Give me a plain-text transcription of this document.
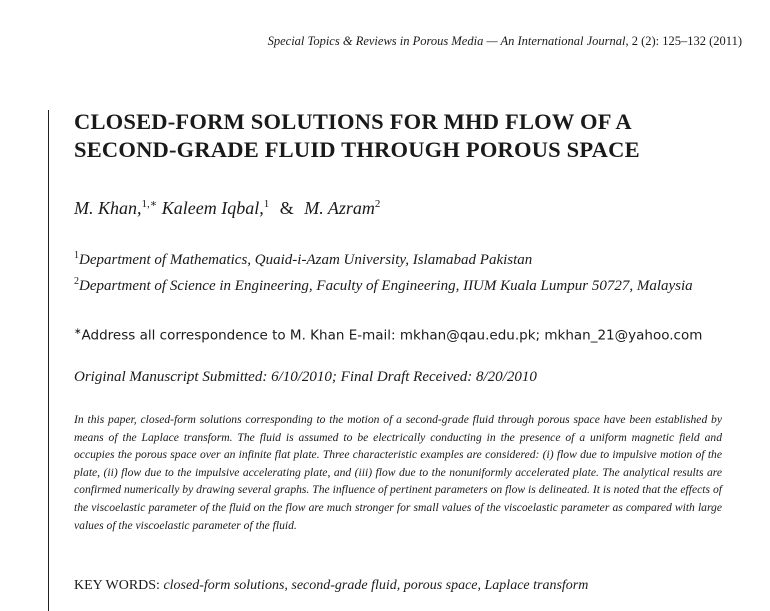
Special Topics & Reviews in Porous Media — An International Journal, 2 (2): 125–132 (2011)
CLOSED-FORM SOLUTIONS FOR MHD FLOW OF A
SECOND-GRADE FLUID THROUGH POROUS SPACE
M. Khan,$^{1,∗}$ Kaleem Iqbal,$^1$ & M. Azram$^2$
$^1$Department of Mathematics, Quaid-i-Azam University, Islamabad Pakistan
$^2$Department of Science in Engineering, Faculty of Engineering, IIUM Kuala Lumpur 50727, Malaysia
∗Address all correspondence to M. Khan E-mail: mkhan@qau.edu.pk; mkhan_21@yahoo.com
Original Manuscript Submitted: 6/10/2010; Final Draft Received: 8/20/2010
In this paper, closed-form solutions corresponding to the motion of a second-grade fluid through porous space have been established by means of the Laplace transform. The fluid is assumed to be electrically conducting in the presence of a uniform magnetic field and occupies the porous space over an infinite flat plate. Three characteristic examples are considered: (i) flow due to impulsive motion of the plate, (ii) flow due to the impulsive accelerating plate, and (iii) flow due to the nonuniformly accelerated plate. The analytical results are confirmed numerically by drawing several graphs. The influence of pertinent parameters on flow is delineated. It is noted that the effects of the viscoelastic parameter of the fluid on the flow are much stronger for small values of the viscoelastic parameter as compared with large values of the viscoelastic parameter of the fluid.
KEY WORDS: closed-form solutions, second-grade fluid, porous space, Laplace transform
